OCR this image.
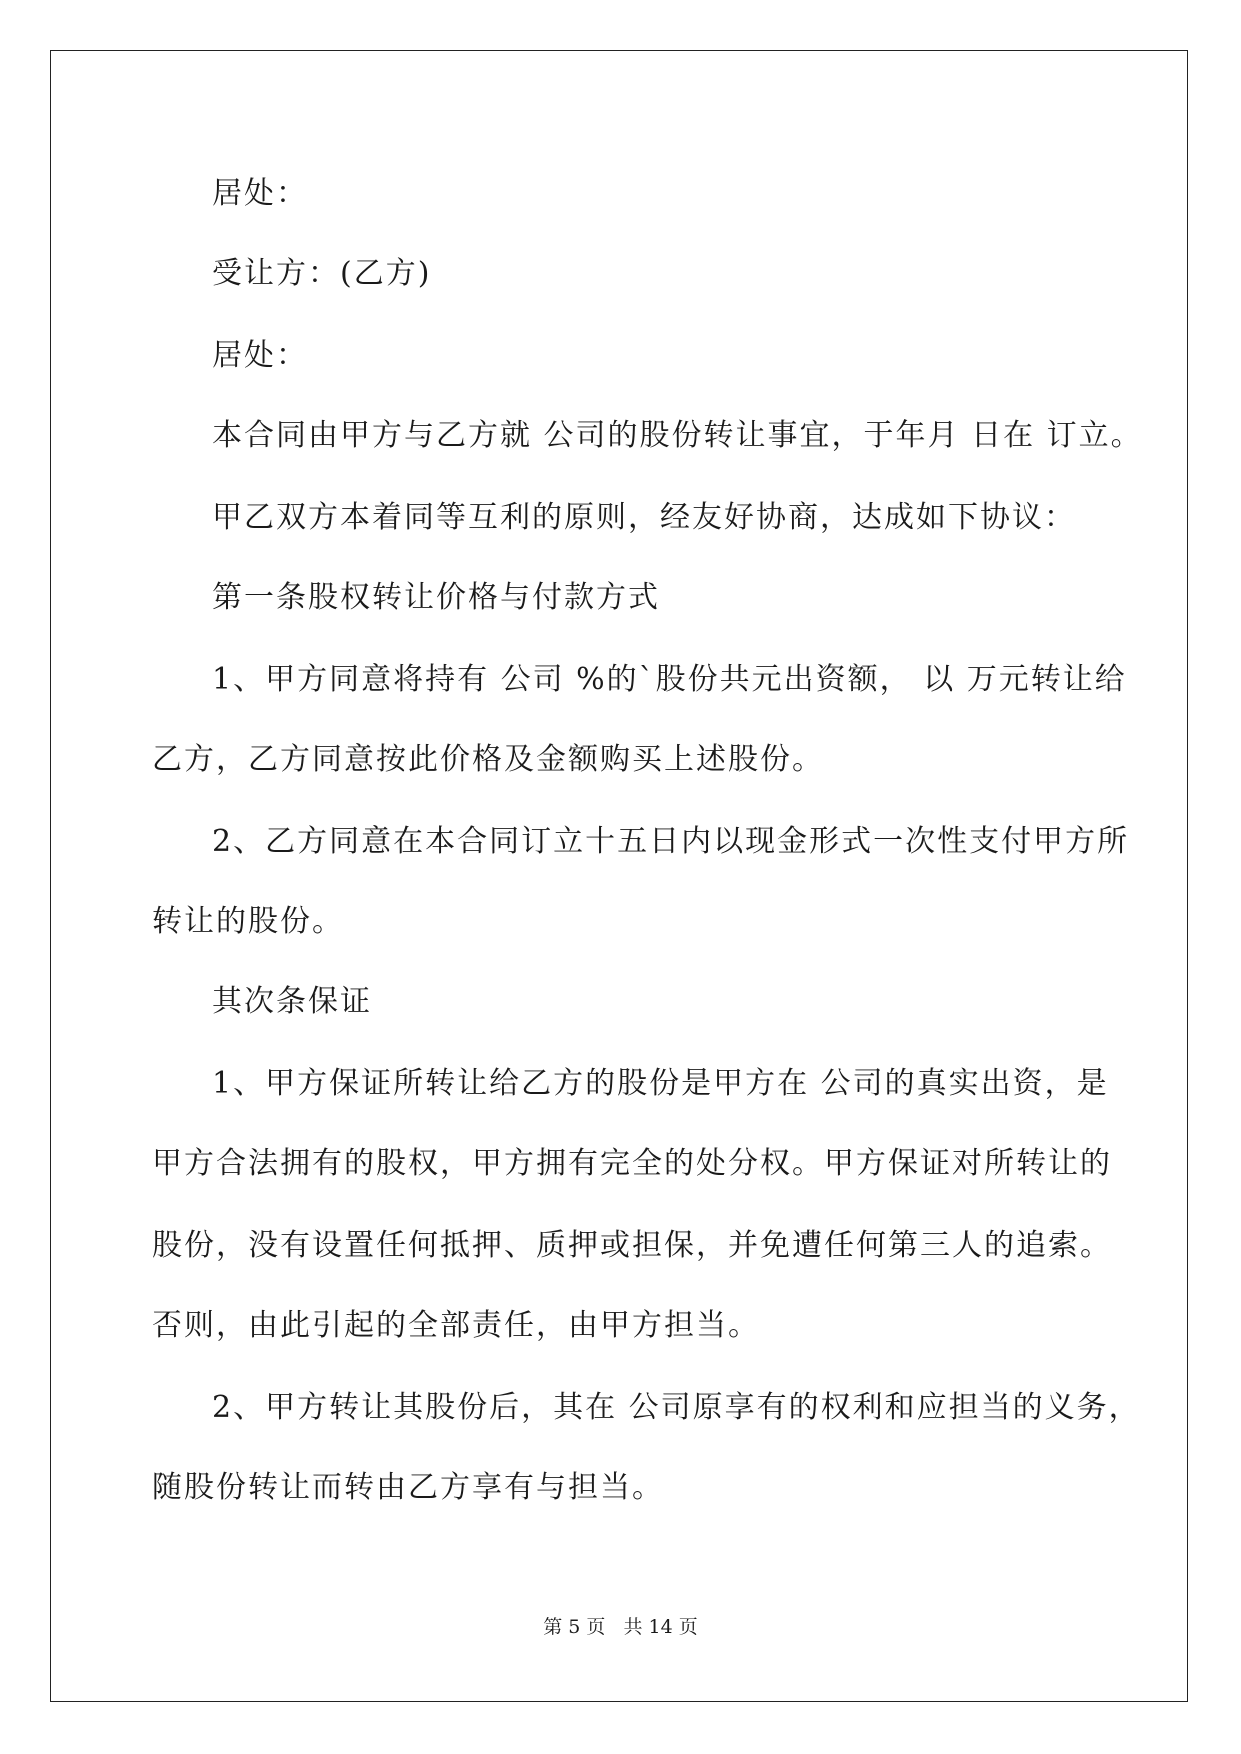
居处：
受让方：(乙方)
居处：
本合同由甲方与乙方就 公司的股份转让事宜，于年月 日在 订立。
甲乙双方本着同等互利的原则，经友好协商，达成如下协议：
第一条股权转让价格与付款方式
1、甲方同意将持有 公司 %的`股份共元出资额， 以 万元转让给
乙方，乙方同意按此价格及金额购买上述股份。
2、乙方同意在本合同订立十五日内以现金形式一次性支付甲方所
转让的股份。
其次条保证
1、甲方保证所转让给乙方的股份是甲方在 公司的真实出资，是
甲方合法拥有的股权，甲方拥有完全的处分权。甲方保证对所转让的
股份，没有设置任何抵押、质押或担保，并免遭任何第三人的追索。
否则，由此引起的全部责任，由甲方担当。
2、甲方转让其股份后，其在 公司原享有的权利和应担当的义务，
随股份转让而转由乙方享有与担当。
第 5 页   共 14 页
